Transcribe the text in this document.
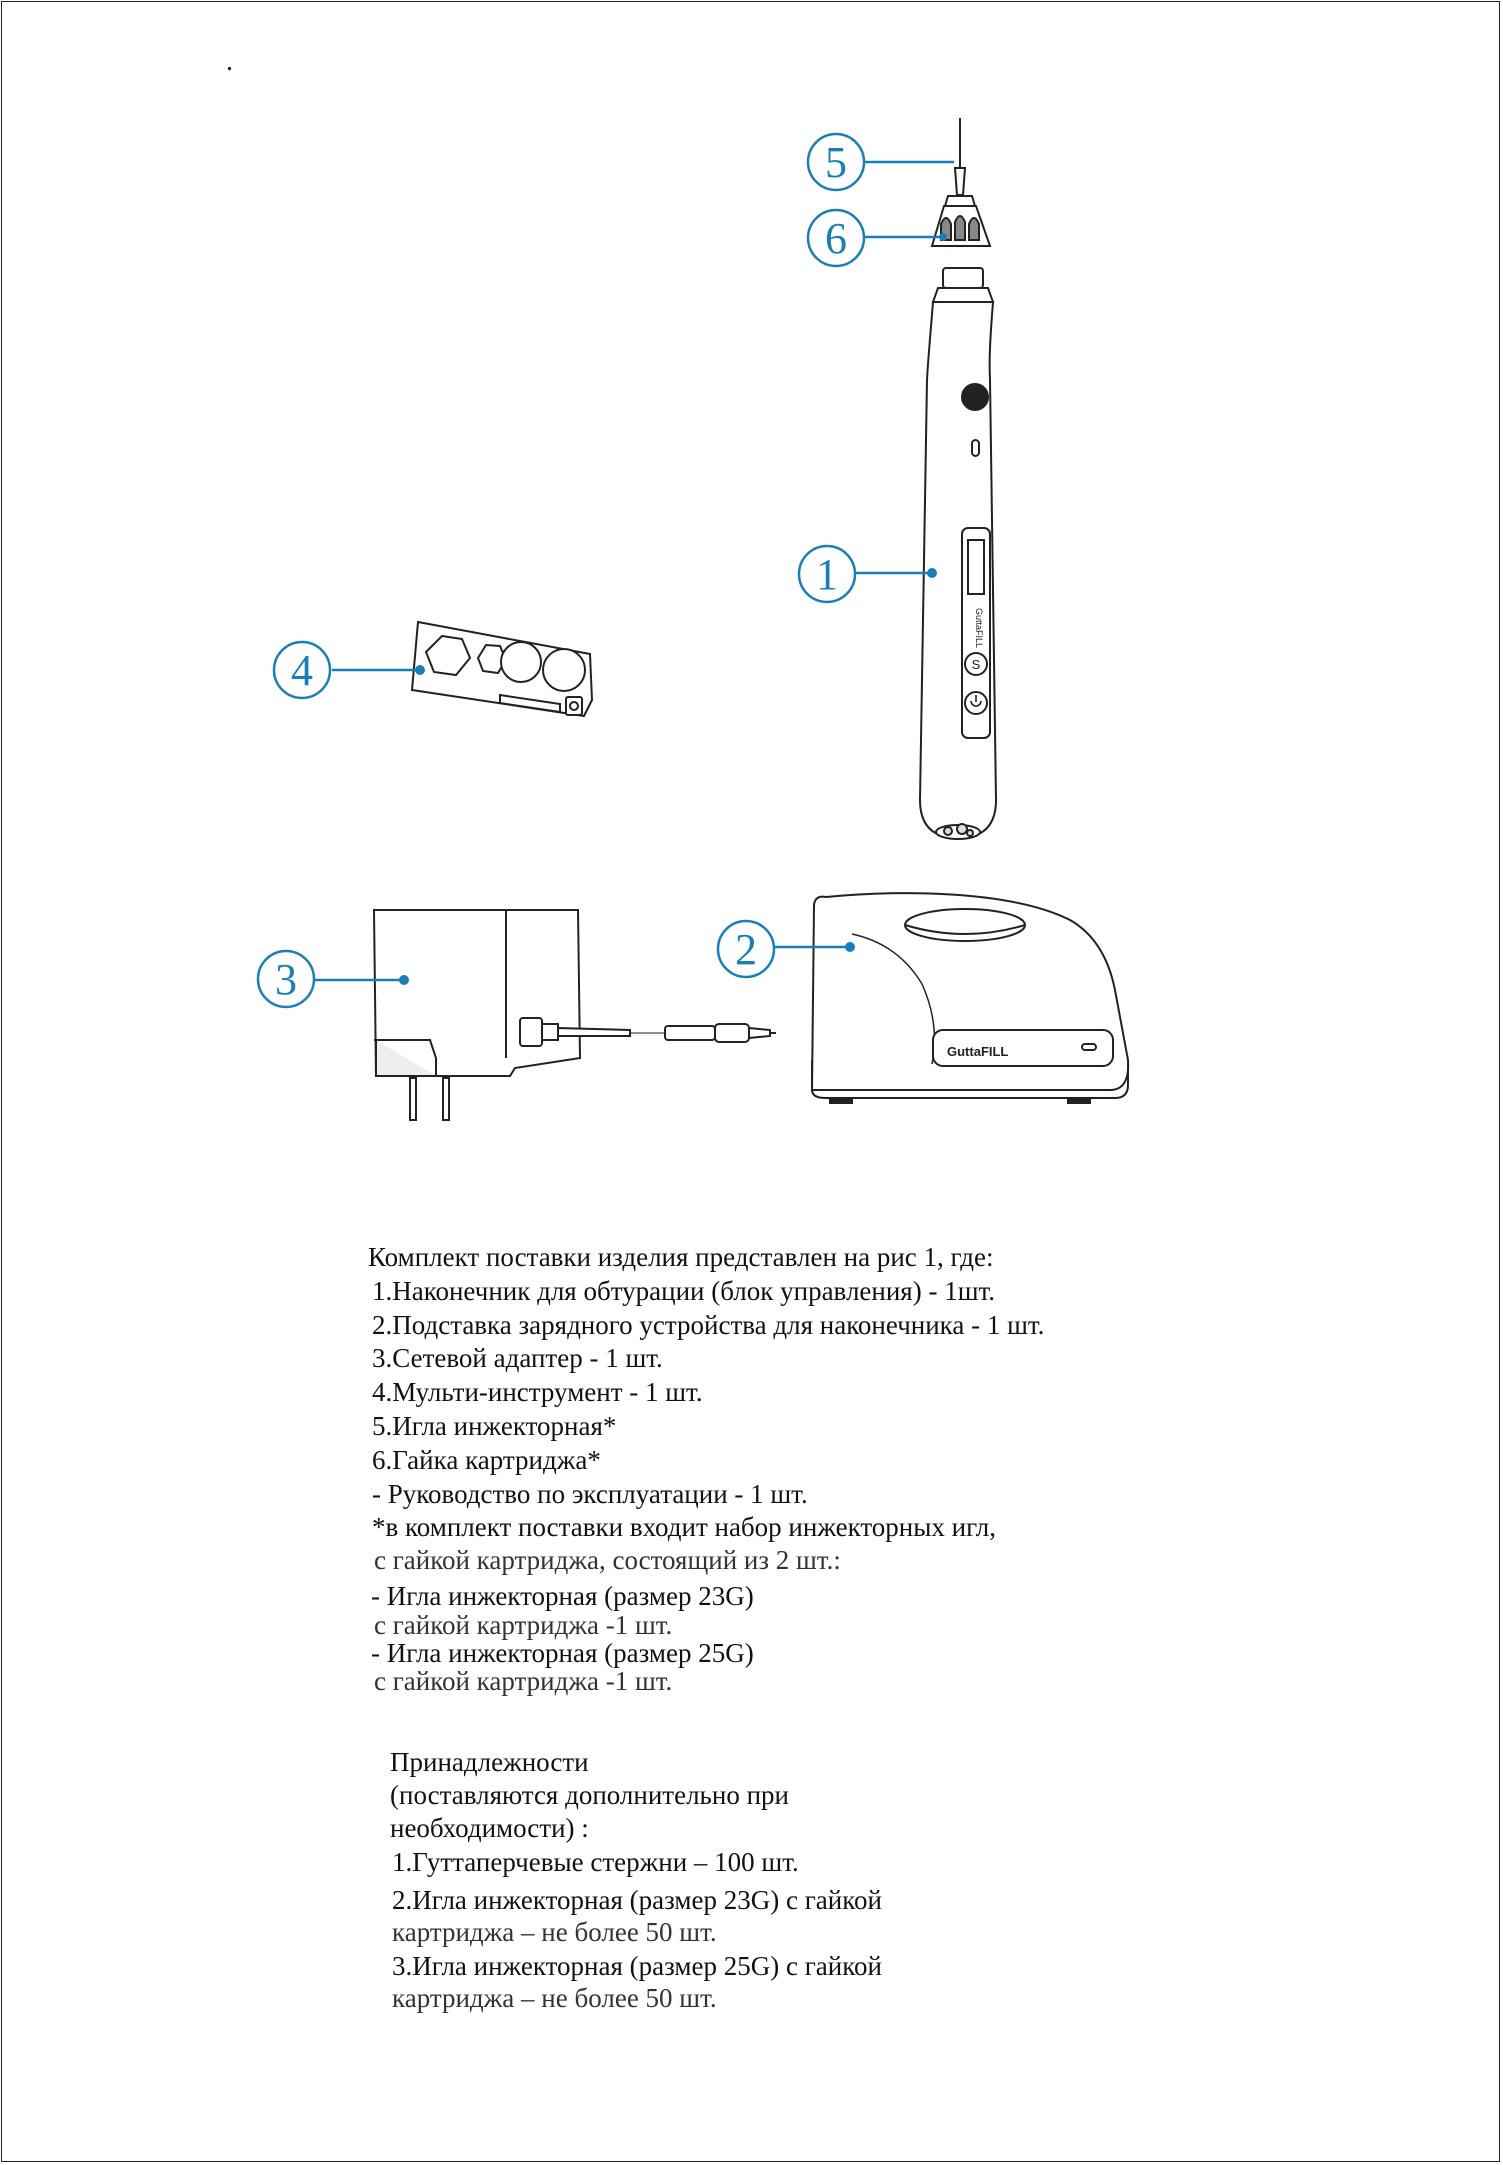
.
GuttaFILL
S
GuttaFILL
5
6
1
4
2
3
Комплект поставки изделия представлен на рис 1, где:
1.Наконечник для обтурации (блок управления) - 1шт.
2.Подставка зарядного устройства для наконечника - 1 шт.
3.Сетевой адаптер - 1 шт.
4.Мульти-инструмент - 1 шт.
5.Игла инжекторная*
6.Гайка картриджа*
- Руководство по эксплуатации - 1 шт.
*в комплект поставки входит набор инжекторных игл,
с гайкой картриджа, состоящий из 2 шт.:
- Игла инжекторная (размер 23G)
с гайкой картриджа -1 шт.
- Игла инжекторная (размер 25G)
с гайкой картриджа -1 шт.
Принадлежности
(поставляются дополнительно при
необходимости) :
1.Гуттаперчевые стержни – 100 шт.
2.Игла инжекторная (размер 23G) с гайкой
картриджа – не более 50 шт.
3.Игла инжекторная (размер 25G) с гайкой
картриджа – не более 50 шт.
